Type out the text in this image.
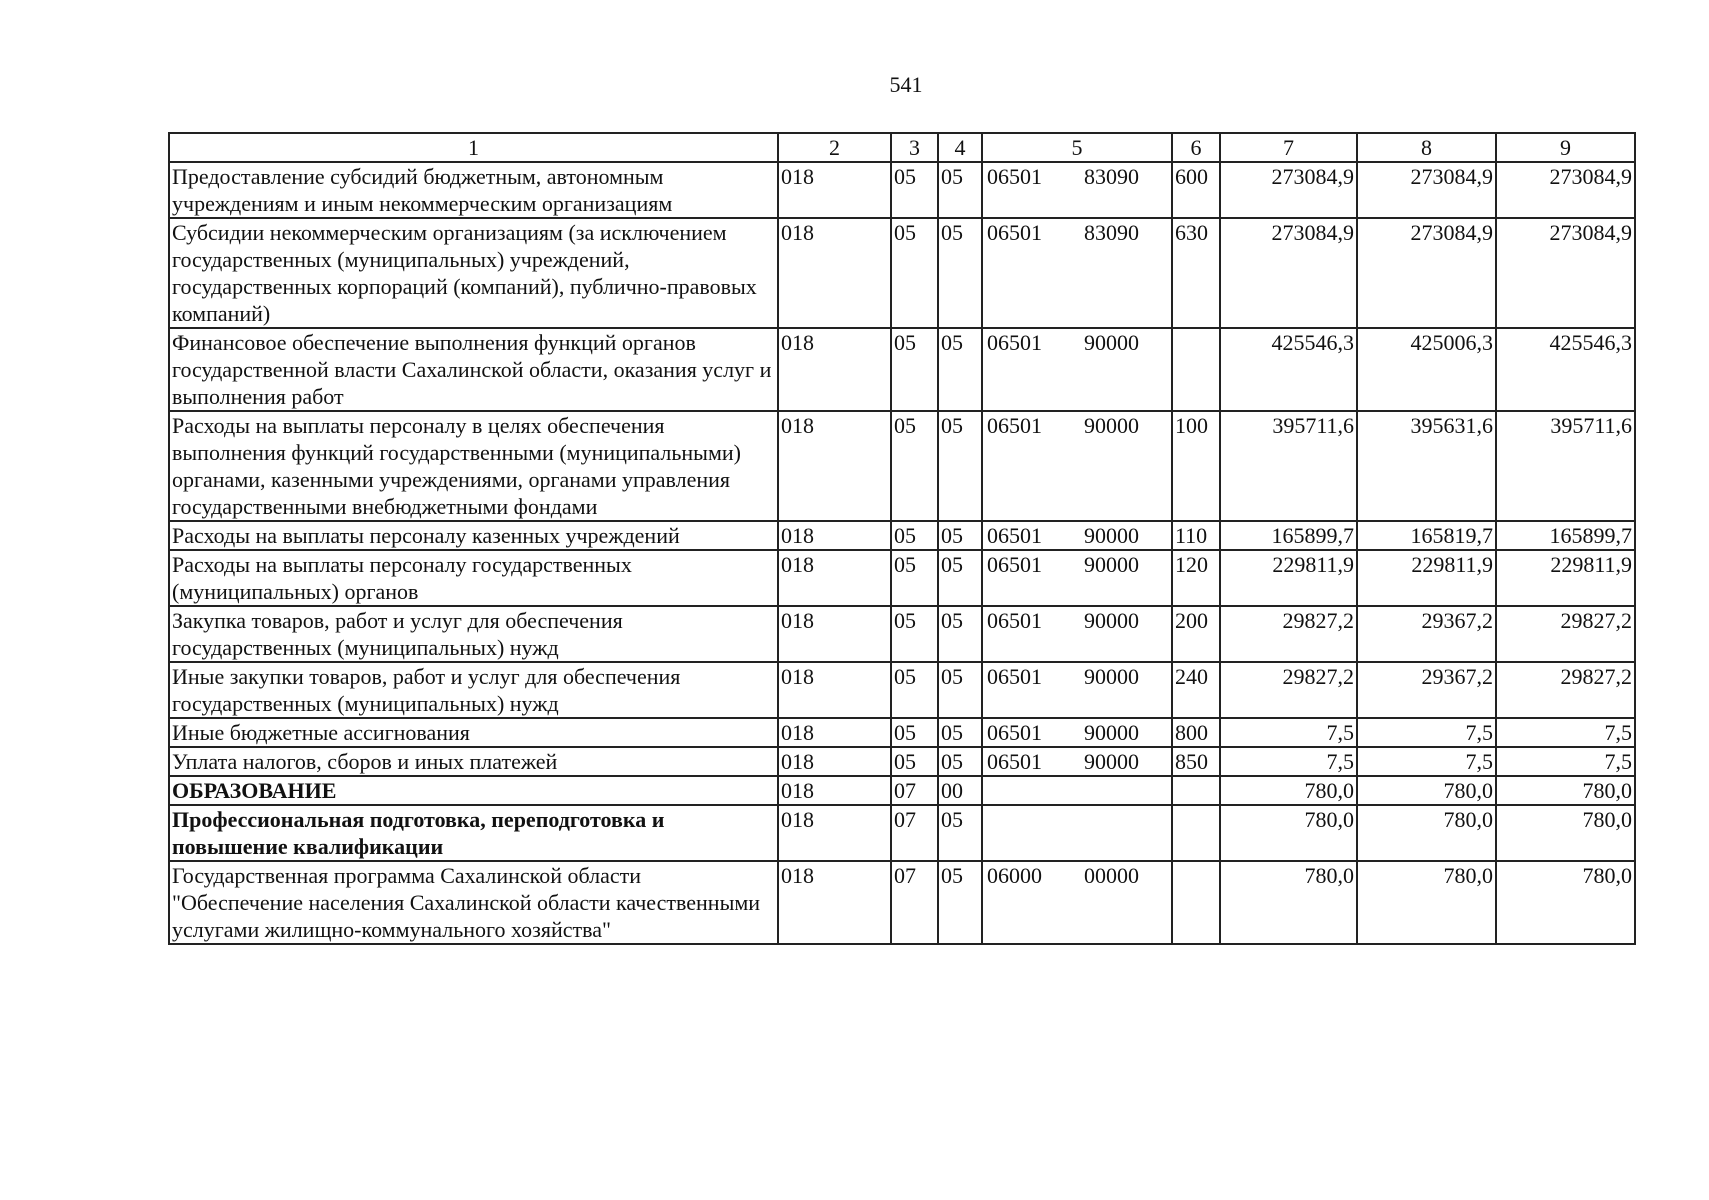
541
1	2	3	4	5	6	7	8	9
Предоставление субсидий бюджетным, автономным учреждениям и иным некоммерческим организациям	018	05	05	06501 83090	600	273084,9	273084,9	273084,9
Субсидии некоммерческим организациям (за исключением государственных (муниципальных) учреждений, государственных корпораций (компаний), публично-правовых компаний)	018	05	05	06501 83090	630	273084,9	273084,9	273084,9
Финансовое обеспечение выполнения функций органов государственной власти Сахалинской области, оказания услуг и выполнения работ	018	05	05	06501 90000		425546,3	425006,3	425546,3
Расходы на выплаты персоналу в целях обеспечения выполнения функций государственными (муниципальными) органами, казенными учреждениями, органами управления государственными внебюджетными фондами	018	05	05	06501 90000	100	395711,6	395631,6	395711,6
Расходы на выплаты персоналу казенных учреждений	018	05	05	06501 90000	110	165899,7	165819,7	165899,7
Расходы на выплаты персоналу государственных (муниципальных) органов	018	05	05	06501 90000	120	229811,9	229811,9	229811,9
Закупка товаров, работ и услуг для обеспечения государственных (муниципальных) нужд	018	05	05	06501 90000	200	29827,2	29367,2	29827,2
Иные закупки товаров, работ и услуг для обеспечения государственных (муниципальных) нужд	018	05	05	06501 90000	240	29827,2	29367,2	29827,2
Иные бюджетные ассигнования	018	05	05	06501 90000	800	7,5	7,5	7,5
Уплата налогов, сборов и иных платежей	018	05	05	06501 90000	850	7,5	7,5	7,5
ОБРАЗОВАНИЕ	018	07	00			780,0	780,0	780,0
Профессиональная подготовка, переподготовка и повышение квалификации	018	07	05			780,0	780,0	780,0
Государственная программа Сахалинской области "Обеспечение населения Сахалинской области качественными услугами жилищно-коммунального хозяйства"	018	07	05	06000 00000		780,0	780,0	780,0
